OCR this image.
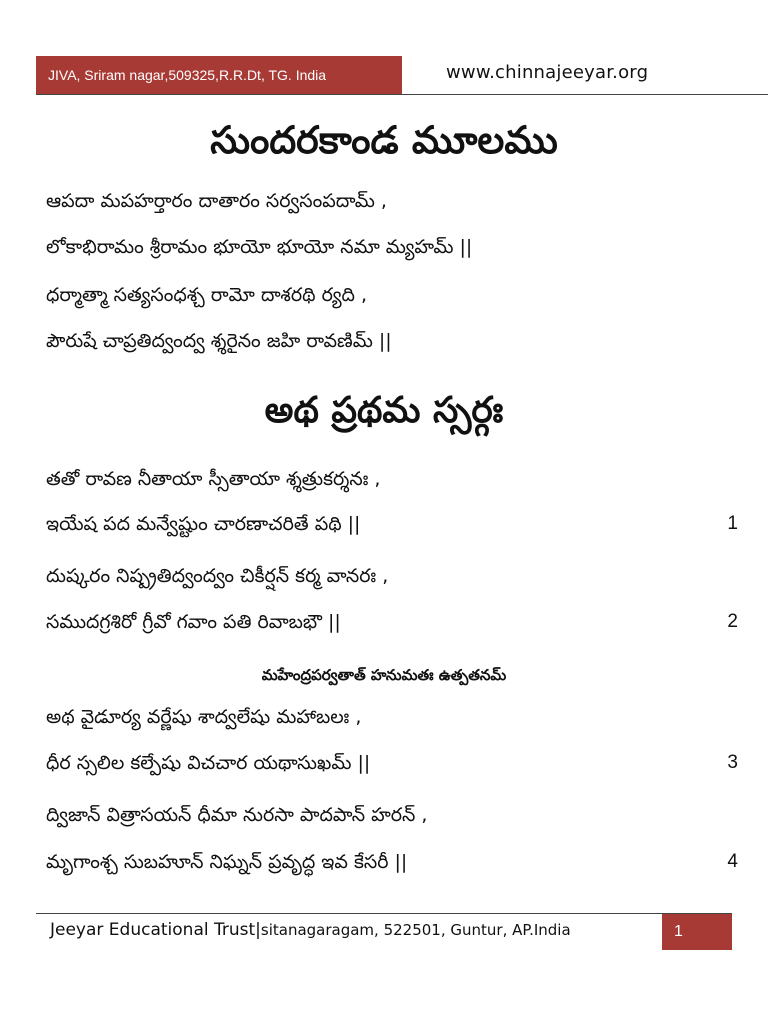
JIVA, Sriram nagar,509325,R.R.Dt, TG. India	www.chinnajeeyar.org
సుందరకాండ మూలము
ఆపదా మపహర్తారం దాతారం సర్వసంపదామ్ ,
లోకాభిరామం శ్రీరామం భూయో భూయో నమా మ్యహమ్ ||
ధర్మాత్మా సత్యసంధశ్చ రామో దాశరథి ర్యది ,
పౌరుషే చాప్రతిద్వంద్వ శ్శరైనం జహి రావణిమ్ ||
అథ ప్రథమ స్సర్గః
తతో రావణ నీతాయా స్సీతాయా శ్శత్రుకర్శనః ,
ఇయేష పద మన్వేష్టుం చారణాచరితే పథి ||	1
దుష్కరం నిష్ప్రతిద్వంద్వం చికీర్షన్ కర్మ వానరః ,
సముదగ్రశిరో గ్రీవో గవాం పతి రివాబభౌ ||	2
మహేంద్రపర్వతాత్ హనుమతః ఉత్పతనమ్
అథ వైడూర్య వర్ణేషు శాద్వలేషు మహాబలః ,
ధీర స్సలిల కల్పేషు విచచార యథాసుఖమ్ ||	3
ద్విజాన్ విత్రాసయన్ ధీమా నురసా పాదపాన్ హరన్ ,
మృగాంశ్చ సుబహూన్ నిఘ్నన్ ప్రవృద్ధ ఇవ కేసరీ ||	4
Jeeyar Educational Trust|sitanagaragam, 522501, Guntur, AP.India	1
